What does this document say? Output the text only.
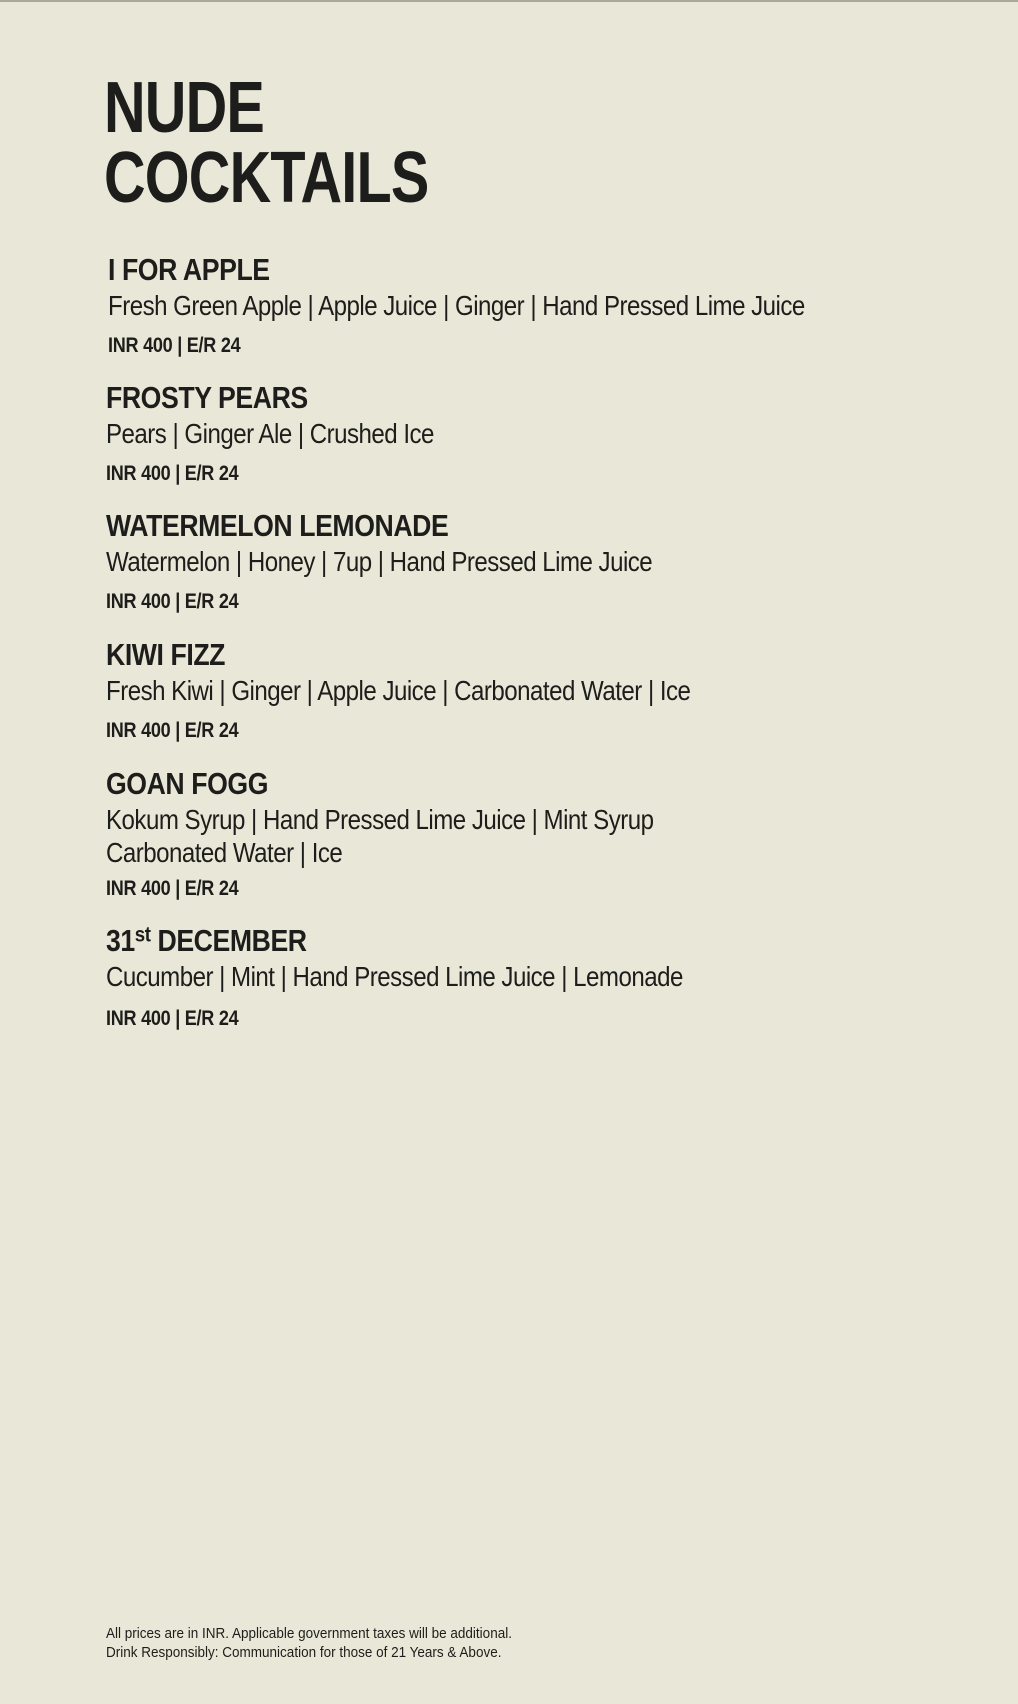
NUDE
COCKTAILS
I FOR APPLE
Fresh Green Apple | Apple Juice | Ginger | Hand Pressed Lime Juice
INR 400 | E/R 24
FROSTY PEARS
Pears | Ginger Ale | Crushed Ice
INR 400 | E/R 24
WATERMELON LEMONADE
Watermelon | Honey | 7up | Hand Pressed Lime Juice
INR 400 | E/R 24
KIWI FIZZ
Fresh Kiwi | Ginger | Apple Juice | Carbonated Water | Ice
INR 400 | E/R 24
GOAN FOGG
Kokum Syrup | Hand Pressed Lime Juice | Mint Syrup
Carbonated Water | Ice
INR 400 | E/R 24
31st DECEMBER
Cucumber | Mint | Hand Pressed Lime Juice | Lemonade
INR 400 | E/R 24
All prices are in INR. Applicable government taxes will be additional.
Drink Responsibly: Communication for those of 21 Years & Above.
